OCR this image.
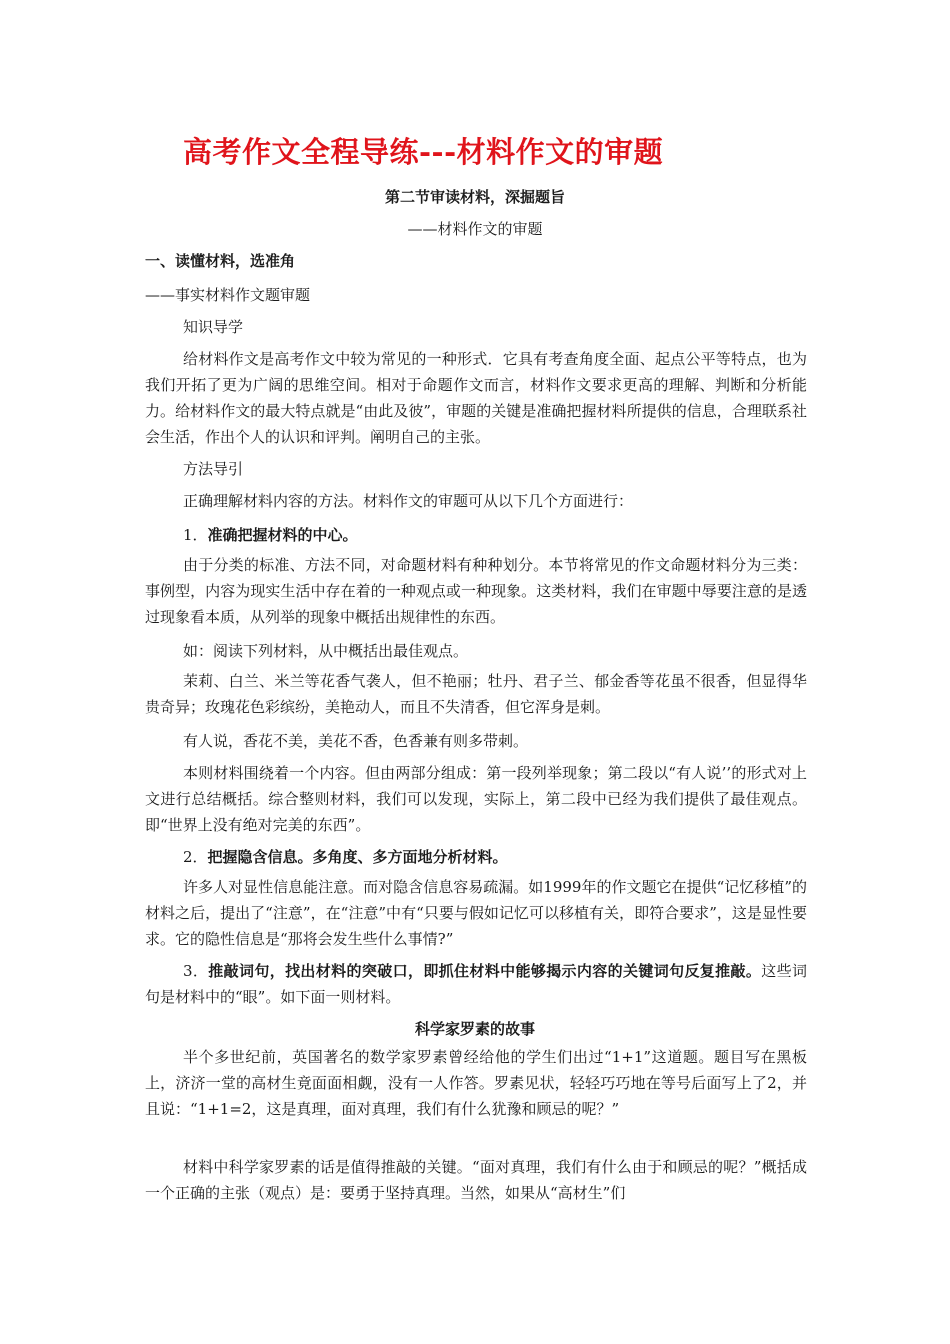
高考作文全程导练---材料作文的审题

第二节审读材料，深掘题旨

——材料作文的审题

一、读懂材料，选准角

——事实材料作文题审题

知识导学

给材料作文是高考作文中较为常见的一种形式．它具有考查角度全面、起点公平等特点，也为我们开拓了更为广阔的思维空间。相对于命题作文而言，材料作文要求更高的理解、判断和分析能力。给材料作文的最大特点就是“由此及彼”，审题的关键是准确把握材料所提供的信息，合理联系社会生活，作出个人的认识和评判。阐明自己的主张。

方法导引

正确理解材料内容的方法。材料作文的审题可从以下几个方面进行：

1．准确把握材料的中心。

由于分类的标准、方法不同，对命题材料有种种划分。本节将常见的作文命题材料分为三类：事例型，内容为现实生活中存在着的一种观点或一种现象。这类材料，我们在审题中辱要注意的是透过现象看本质，从列举的现象中概括出规律性的东西。

如：阅读下列材料，从中概括出最佳观点。

茉莉、白兰、米兰等花香气袭人，但不艳丽；牡丹、君子兰、郁金香等花虽不很香，但显得华贵奇异；玫瑰花色彩缤纷，美艳动人，而且不失清香，但它浑身是刺。

有人说，香花不美，美花不香，色香兼有则多带刺。

本则材料围绕着一个内容。但由两部分组成：第一段列举现象；第二段以“有人说’’的形式对上文进行总结概括。综合整则材料，我们可以发现，实际上，第二段中已经为我们提供了最佳观点。即“世界上没有绝对完美的东西”。

2．把握隐含信息。多角度、多方面地分析材料。

许多人对显性信息能注意。而对隐含信息容易疏漏。如1999年的作文题它在提供“记忆移植”的材料之后，提出了“注意”，在“注意”中有“只要与假如记忆可以移植有关，即符合要求”，这是显性要求。它的隐性信息是“那将会发生些什么事情?”

3．推敲词句，找出材料的突破口，即抓住材料中能够揭示内容的关键词句反复推敲。这些词句是材料中的“眼”。如下面一则材料。

科学家罗素的故事

半个多世纪前，英国著名的数学家罗素曾经给他的学生们出过“1+1”这道题。题目写在黑板上，济济一堂的高材生竟面面相觑，没有一人作答。罗素见状，轻轻巧巧地在等号后面写上了2，并且说：“1+1=2，这是真理，面对真理，我们有什么犹豫和顾忌的呢？”

材料中科学家罗素的话是值得推敲的关键。“面对真理，我们有什么由于和顾忌的呢？”概括成一个正确的主张（观点）是：要勇于坚持真理。当然，如果从“高材生”们
